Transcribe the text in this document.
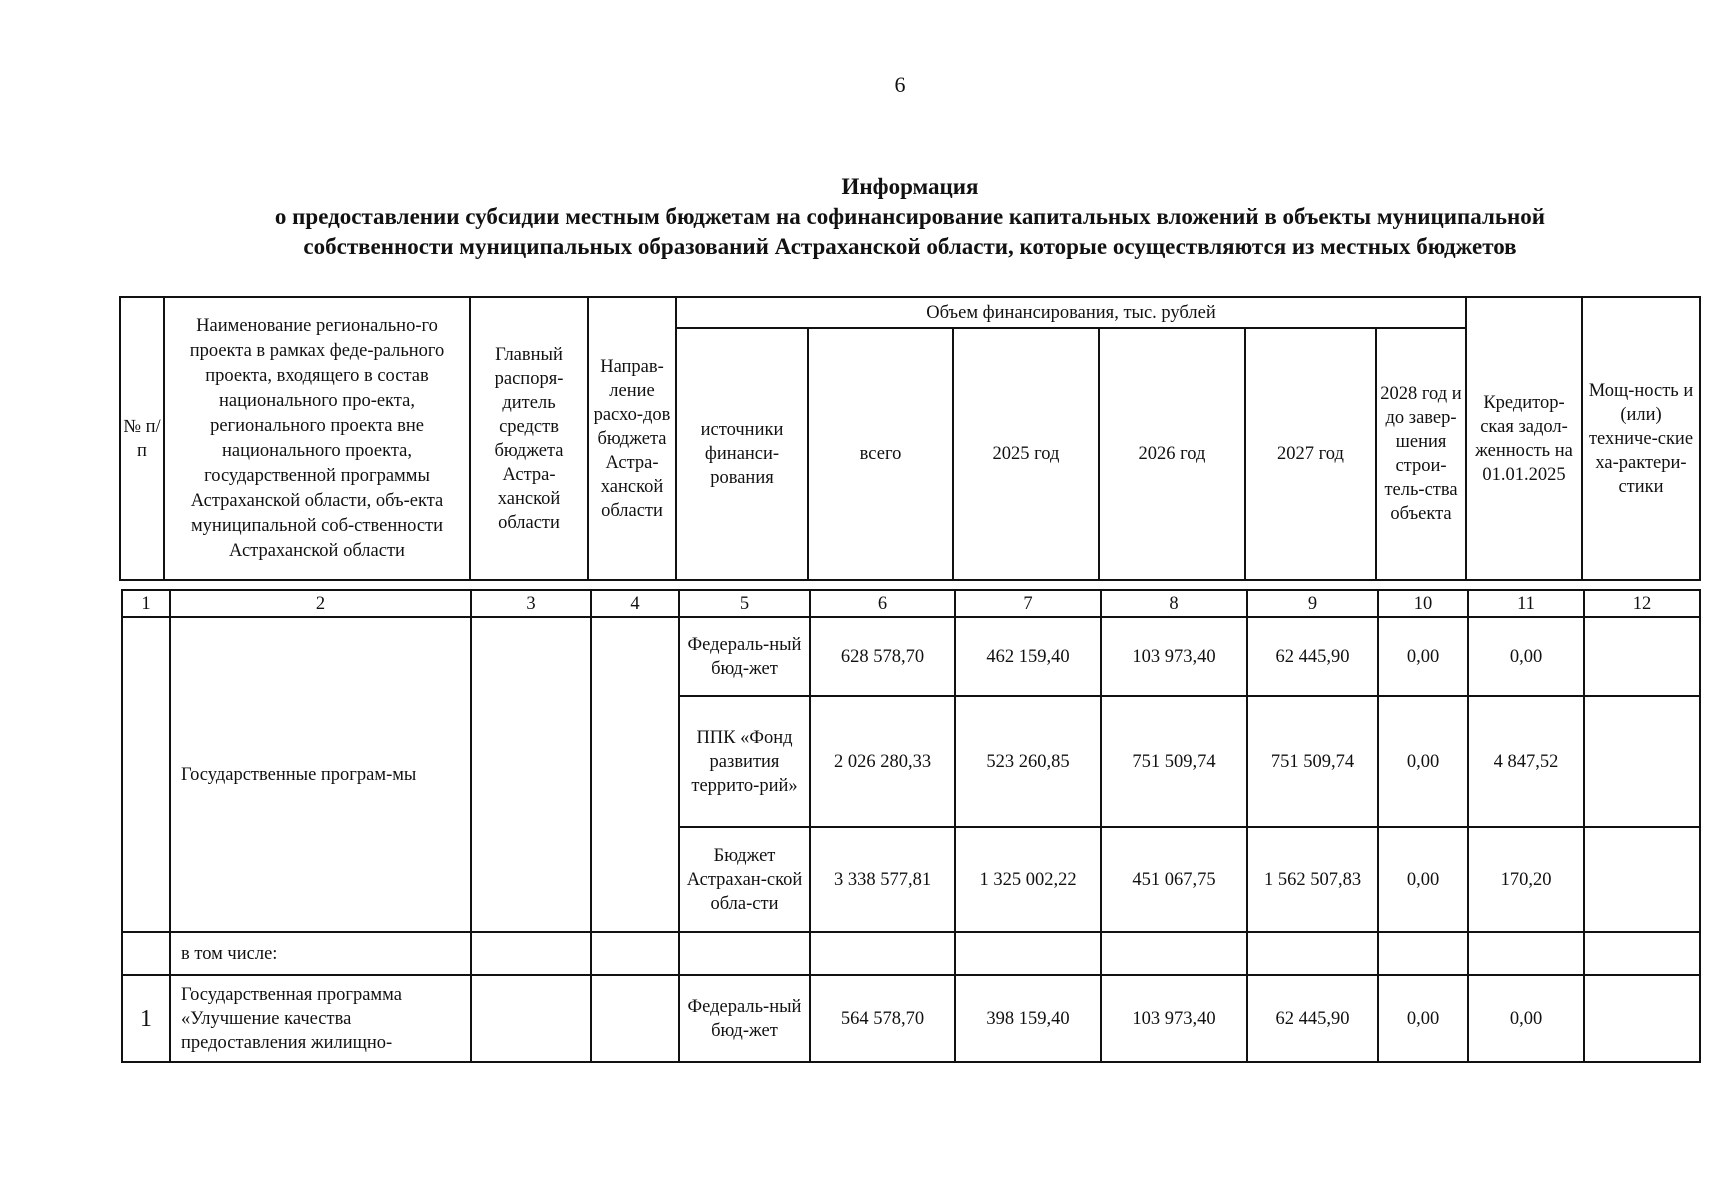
6
Информация
о предоставлении субсидии местным бюджетам на софинансирование капитальных вложений в объекты муниципальной
собственности муниципальных образований Астраханской области, которые осуществляются из местных бюджетов
№ п/п	Наименование регионально-го проекта в рамках феде-рального проекта, входящего в состав национального про-екта, регионального проекта вне национального проекта, государственной программы Астраханской области, объ-екта муниципальной соб-ственности Астраханской области	Главный распоря-дитель средств бюджета Астра-ханской области	Направ-ление расхо-дов бюджета Астра-ханской области	Объем финансирования, тыс. рублей						Кредитор-ская задол-женность на 01.01.2025	Мощ-ность и (или) техниче-ские ха-рактери-стики
				источники финанси-рования	всего	2025 год	2026 год	2027 год	2028 год и до завер-шения строи-тель-ства объекта		
1	2	3	4	5	6	7	8	9	10	11	12
	Государственные програм-мы			Федераль-ный бюд-жет	628 578,70	462 159,40	103 973,40	62 445,90	0,00	0,00	
				ППК «Фонд развития террито-рий»	2 026 280,33	523 260,85	751 509,74	751 509,74	0,00	4 847,52	
				Бюджет Астрахан-ской обла-сти	3 338 577,81	1 325 002,22	451 067,75	1 562 507,83	0,00	170,20	
	в том числе:										
1	Государственная программа «Улучшение качества предоставления жилищно-			Федераль-ный бюд-жет	564 578,70	398 159,40	103 973,40	62 445,90	0,00	0,00	
